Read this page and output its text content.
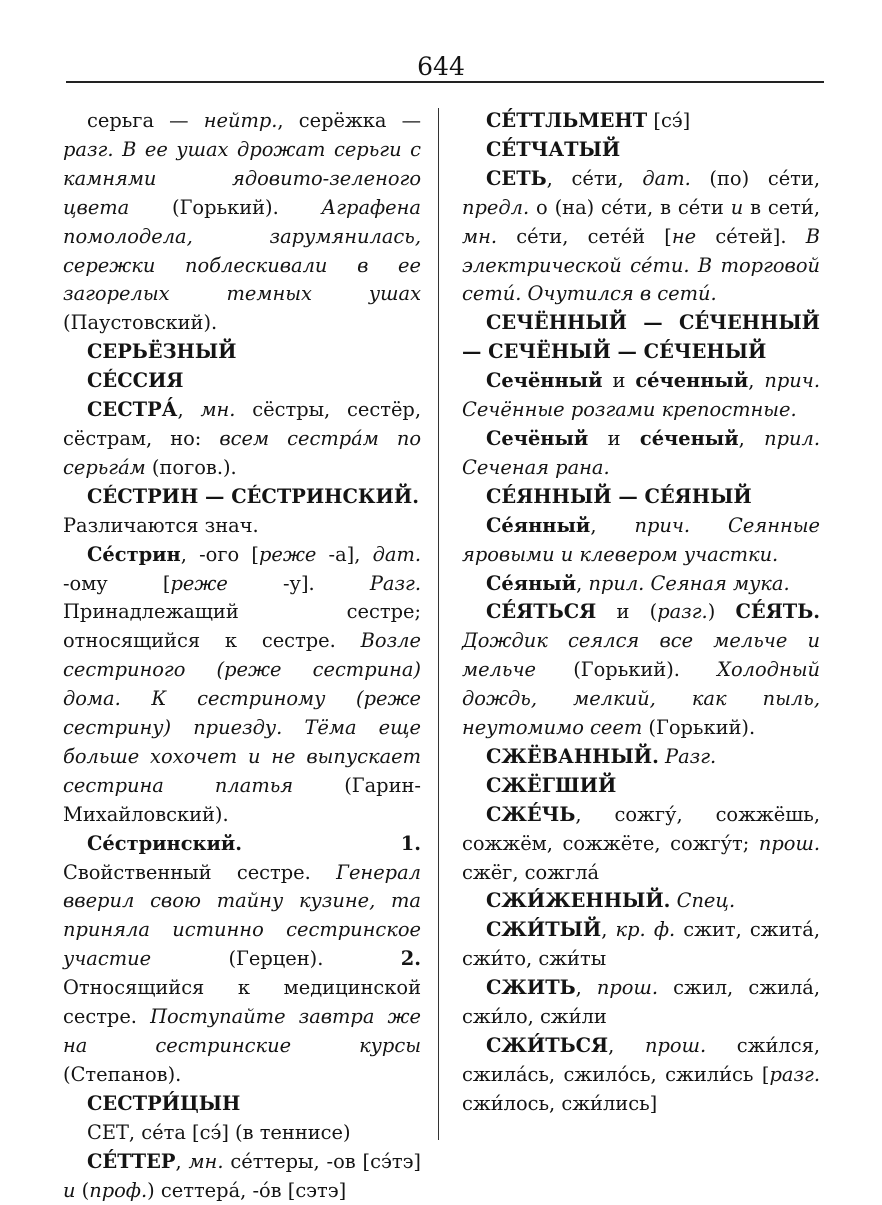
644
серьга — нейтр., серёжка — разг. В ее ушах дрожат серьги с камнями ядовито-зеленого цвета (Горький). Аграфена помолодела, зарумянилась, сережки поблескивали в ее загорелых темных ушах (Паустовский).
СЕРЬЁЗНЫЙ
СÉССИЯ
СЕСТРА́, мн. сёстры, сестёр, сёстрам, но: всем сестра́м по серьга́м (погов.).
СÉСТРИН — СÉСТРИНСКИЙ.
Различаются знач.
Се́стрин, -ого [реже -а], дат. -ому [реже -у]. Разг. Принадлежащий сестре; относящийся к сестре. Возле сестриного (реже сестрина) дома. К сестриному (реже сестрину) приезду. Тёма еще больше хохочет и не выпускает сестрина платья (Гарин-Михайловский).
Се́стринский. 1. Свойственный сестре. Генерал вверил свою тайну кузине, та приняла истинно сестринское участие (Герцен). 2. Относящийся к медицинской сестре. Поступайте завтра же на сестринские курсы (Степанов).
СЕСТРИ́ЦЫН
СЕТ, се́та [сэ́] (в теннисе)
СЕ́ТТЕР, мн. се́ттеры, -ов [сэ́тэ] и (проф.) сеттера́, -о́в [сэтэ]
СЕ́ТТЛЬМЕНТ [сэ́]
СЕ́ТЧАТЫЙ
СЕТЬ, се́ти, дат. (по) се́ти, предл. о (на) се́ти, в се́ти и в сети́, мн. се́ти, сете́й [не се́тей]. В электрической се́ти. В торговой сети́. Очутился в сети́.
СЕЧЁННЫЙ — СЕ́ЧЕННЫЙ — СЕЧЁНЫЙ — СЕ́ЧЕНЫЙ
Сечённый и се́ченный, прич. Сечённые розгами крепостные.
Сечёный и се́ченый, прил. Сеченая рана.
СЕ́ЯННЫЙ — СЕ́ЯНЫЙ
Се́янный, прич. Сеянные яровыми и клевером участки.
Се́яный, прил. Сеяная мука.
СЕ́ЯТЬСЯ и (разг.) СЕ́ЯТЬ. Дождик сеялся все мельче и мельче (Горький). Холодный дождь, мелкий, как пыль, неутомимо сеет (Горький).
СЖЁВАННЫЙ. Разг.
СЖЁГШИЙ
СЖЕ́ЧЬ, сожгу́, сожжёшь, сожжём, сожжёте, сожгу́т; прош. сжёг, сожгла́
СЖИ́ЖЕННЫЙ. Спец.
СЖИ́ТЫЙ, кр. ф. сжит, сжита́, сжи́то, сжи́ты
СЖИТЬ, прош. сжил, сжила́, сжи́ло, сжи́ли
СЖИ́ТЬСЯ, прош. сжи́лся, сжила́сь, сжило́сь, сжили́сь [разг. сжи́лось, сжи́лись]
